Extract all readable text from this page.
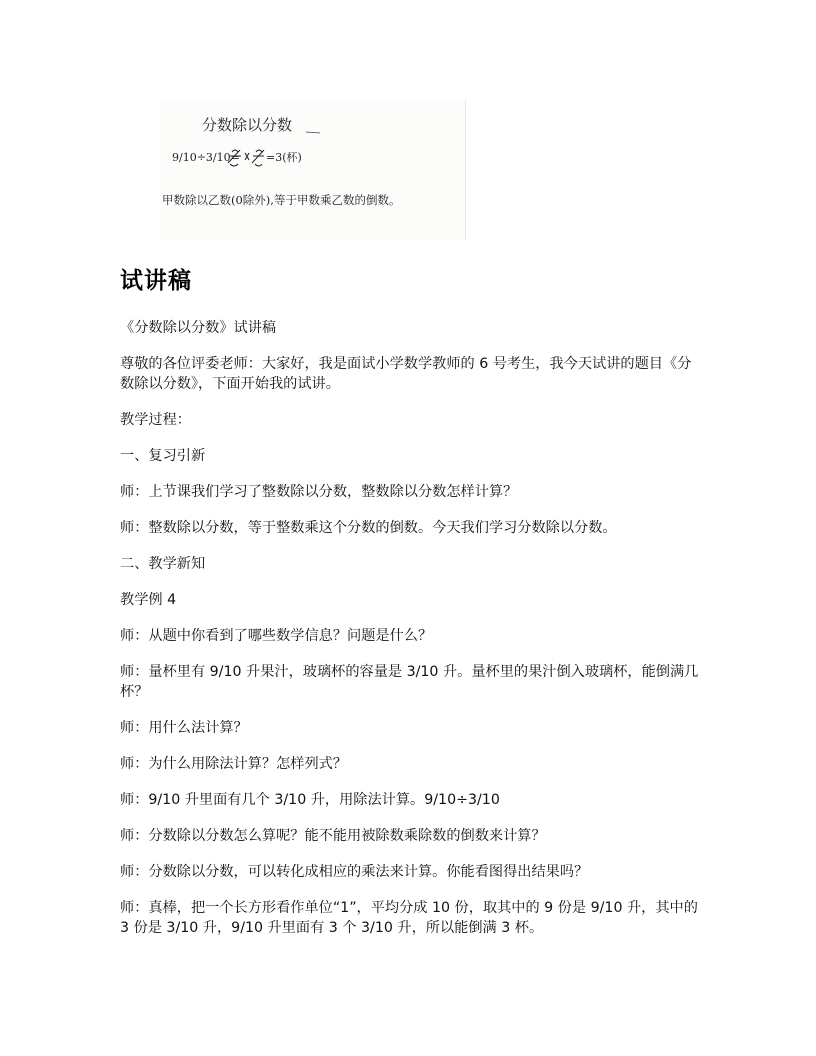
分数除以分数
9/10÷3/10= =3(杯)
甲数除以乙数(0除外),等于甲数乘乙数的倒数。
试讲稿

《分数除以分数》试讲稿

尊敬的各位评委老师：大家好，我是面试小学数学教师的 6 号考生，我今天试讲的题目《分数除以分数》，下面开始我的试讲。

教学过程：

一、复习引新

师：上节课我们学习了整数除以分数，整数除以分数怎样计算？

师：整数除以分数，等于整数乘这个分数的倒数。今天我们学习分数除以分数。

二、教学新知

教学例 4

师：从题中你看到了哪些数学信息？问题是什么？

师：量杯里有 9/10 升果汁，玻璃杯的容量是 3/10 升。量杯里的果汁倒入玻璃杯，能倒满几杯？

师：用什么法计算？

师：为什么用除法计算？怎样列式？

师：9/10 升里面有几个 3/10 升，用除法计算。9/10÷3/10

师：分数除以分数怎么算呢？能不能用被除数乘除数的倒数来计算？

师：分数除以分数，可以转化成相应的乘法来计算。你能看图得出结果吗？

师：真棒，把一个长方形看作单位“1”，平均分成 10 份，取其中的 9 份是 9/10 升，其中的 3 份是 3/10 升，9/10 升里面有 3 个 3/10 升，所以能倒满 3 杯。
